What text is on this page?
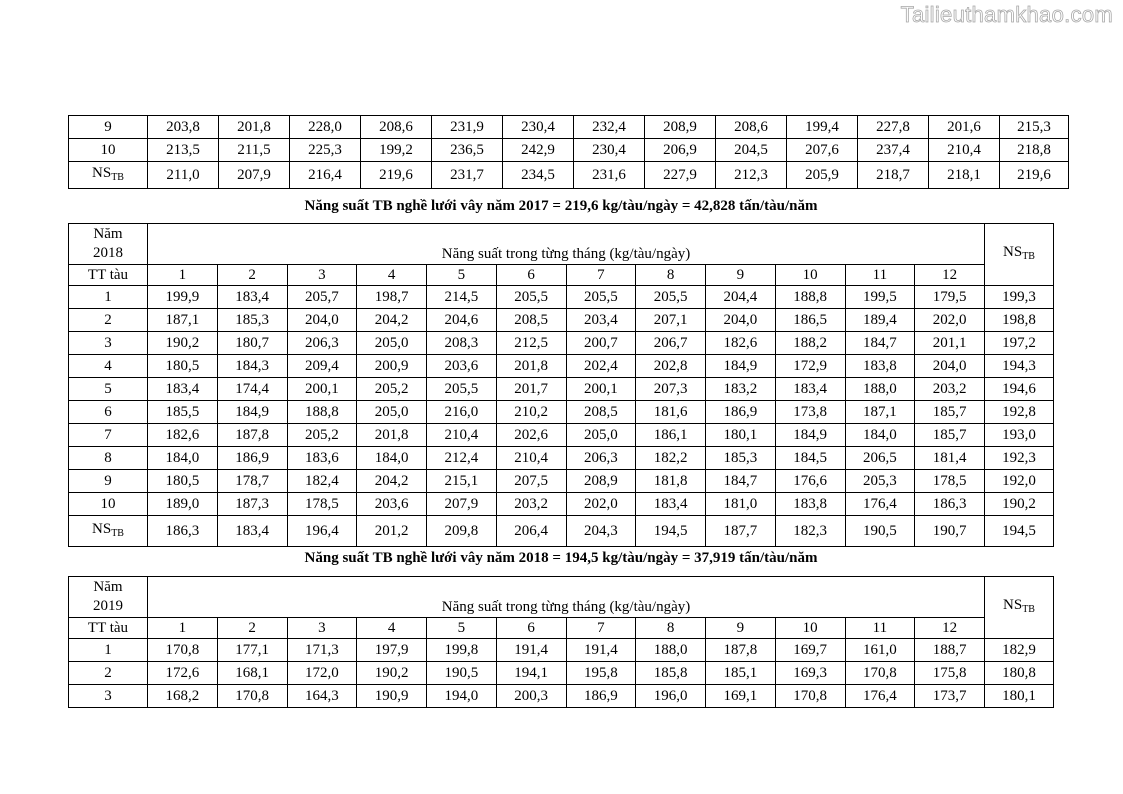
Tailieuthamkhao.com
9	203,8	201,8	228,0	208,6	231,9	230,4	232,4	208,9	208,6	199,4	227,8	201,6	215,3
10	213,5	211,5	225,3	199,2	236,5	242,9	230,4	206,9	204,5	207,6	237,4	210,4	218,8
$NS_{TB}$	211,0	207,9	216,4	219,6	231,7	234,5	231,6	227,9	212,3	205,9	218,7	218,1	219,6
Năng suất TB nghề lưới vây năm 2017 = 219,6 kg/tàu/ngày = 42,828 tấn/tàu/năm
Năm
2018	Năng suất trong từng tháng (kg/tàu/ngày)												$NS_{TB}$
TT tàu	1	2	3	4	5	6	7	8	9	10	11	12	
1	199,9	183,4	205,7	198,7	214,5	205,5	205,5	205,5	204,4	188,8	199,5	179,5	199,3
2	187,1	185,3	204,0	204,2	204,6	208,5	203,4	207,1	204,0	186,5	189,4	202,0	198,8
3	190,2	180,7	206,3	205,0	208,3	212,5	200,7	206,7	182,6	188,2	184,7	201,1	197,2
4	180,5	184,3	209,4	200,9	203,6	201,8	202,4	202,8	184,9	172,9	183,8	204,0	194,3
5	183,4	174,4	200,1	205,2	205,5	201,7	200,1	207,3	183,2	183,4	188,0	203,2	194,6
6	185,5	184,9	188,8	205,0	216,0	210,2	208,5	181,6	186,9	173,8	187,1	185,7	192,8
7	182,6	187,8	205,2	201,8	210,4	202,6	205,0	186,1	180,1	184,9	184,0	185,7	193,0
8	184,0	186,9	183,6	184,0	212,4	210,4	206,3	182,2	185,3	184,5	206,5	181,4	192,3
9	180,5	178,7	182,4	204,2	215,1	207,5	208,9	181,8	184,7	176,6	205,3	178,5	192,0
10	189,0	187,3	178,5	203,6	207,9	203,2	202,0	183,4	181,0	183,8	176,4	186,3	190,2
$NS_{TB}$	186,3	183,4	196,4	201,2	209,8	206,4	204,3	194,5	187,7	182,3	190,5	190,7	194,5
Năng suất TB nghề lưới vây năm 2018 = 194,5 kg/tàu/ngày = 37,919 tấn/tàu/năm
Năm
2019	Năng suất trong từng tháng (kg/tàu/ngày)												$NS_{TB}$
TT tàu	1	2	3	4	5	6	7	8	9	10	11	12	
1	170,8	177,1	171,3	197,9	199,8	191,4	191,4	188,0	187,8	169,7	161,0	188,7	182,9
2	172,6	168,1	172,0	190,2	190,5	194,1	195,8	185,8	185,1	169,3	170,8	175,8	180,8
3	168,2	170,8	164,3	190,9	194,0	200,3	186,9	196,0	169,1	170,8	176,4	173,7	180,1
